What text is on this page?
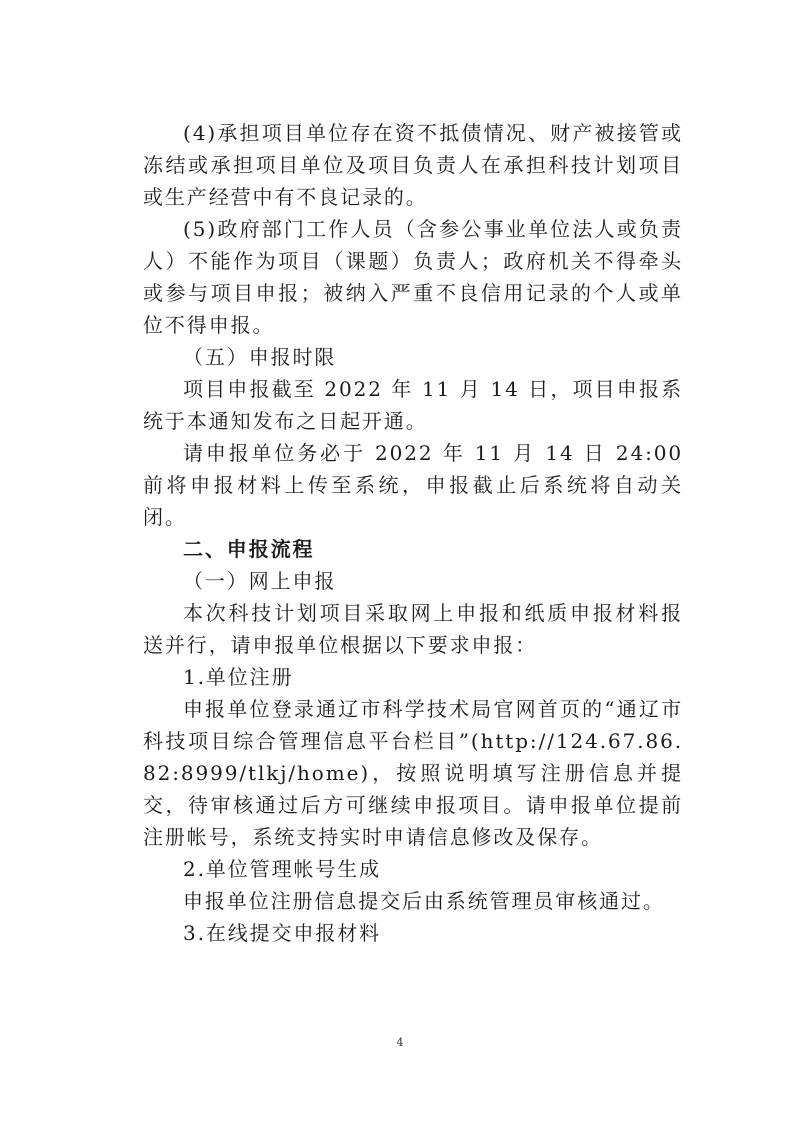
(4)承担项目单位存在资不抵债情况、财产被接管或冻结或承担项目单位及项目负责人在承担科技计划项目或生产经营中有不良记录的。

(5)政府部门工作人员（含参公事业单位法人或负责人）不能作为项目（课题）负责人；政府机关不得牵头或参与项目申报；被纳入严重不良信用记录的个人或单位不得申报。

（五）申报时限

项目申报截至 2022 年 11 月 14 日，项目申报系统于本通知发布之日起开通。

请申报单位务必于 2022 年 11 月 14 日 24:00 前将申报材料上传至系统，申报截止后系统将自动关闭。

二、申报流程

（一）网上申报

本次科技计划项目采取网上申报和纸质申报材料报送并行，请申报单位根据以下要求申报：

1.单位注册

申报单位登录通辽市科学技术局官网首页的“通辽市科技项目综合管理信息平台栏目”(http://124.67.86.82:8999/tlkj/home)，按照说明填写注册信息并提交，待审核通过后方可继续申报项目。请申报单位提前注册帐号，系统支持实时申请信息修改及保存。

2.单位管理帐号生成

申报单位注册信息提交后由系统管理员审核通过。

3.在线提交申报材料

4
